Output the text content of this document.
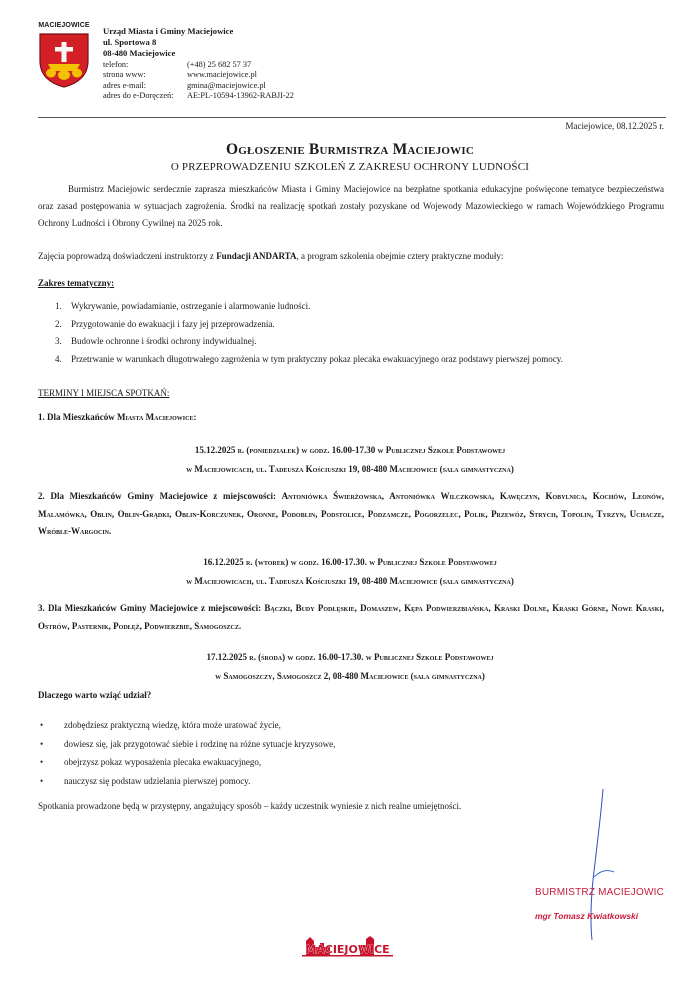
MACIEJOWICE
Urząd Miasta i Gminy Maciejowice
ul. Sportowa 8
08-480 Maciejowice
telefon:	(+48) 25 682 57 37
strona www:	www.maciejowice.pl
adres e-mail:	gmina@maciejowice.pl
adres do e-Doręczeń: AE:PL-10594-13962-RABJI-22
Maciejowice, 08.12.2025 r.
Ogłoszenie Burmistrza Maciejowic
O PRZEPROWADZENIU SZKOLEŃ Z ZAKRESU OCHRONY LUDNOŚCI
Burmistrz Maciejowic serdecznie zaprasza mieszkańców Miasta i Gminy Maciejowice na bezpłatne spotkania edukacyjne poświęcone tematyce bezpieczeństwa oraz zasad postępowania w sytuacjach zagrożenia. Środki na realizację spotkań zostały pozyskane od Wojewody Mazowieckiego w ramach Wojewódzkiego Programu Ochrony Ludności i Obrony Cywilnej na 2025 rok.
Zajęcia poprowadzą doświadczeni instruktorzy z Fundacji ANDARTA, a program szkolenia obejmie cztery praktyczne moduły:
Zakres tematyczny:
1. Wykrywanie, powiadamianie, ostrzeganie i alarmowanie ludności.
2. Przygotowanie do ewakuacji i fazy jej przeprowadzenia.
3. Budowle ochronne i środki ochrony indywidualnej.
4. Przetrwanie w warunkach długotrwałego zagrożenia w tym praktyczny pokaz plecaka ewakuacyjnego oraz podstawy pierwszej pomocy.
TERMINY I MIEJSCA SPOTKAŃ:
1. Dla Mieszkańców Miasta Maciejowice:
15.12.2025 r. (poniedziałek) w godz. 16.00-17.30 w Publicznej Szkole Podstawowej
w Maciejowicach, ul. Tadeusza Kościuszki 19, 08-480 Maciejowice (sala gimnastyczna)
2. Dla Mieszkańców Gminy Maciejowice z miejscowości: Antoniówka Świerżowska, Antoniówka Wilczkowska, Kawęczyn, Kobylnica, Kochów, Leonów, Malamówka, Oblin, Oblin-Grądki, Oblin-Korczunek, Oronne, Podoblin, Podstolice, Podzamcze, Pogorzelec, Polik, Przewóz, Strych, Topolin, Tyrzyn, Uchacze, Wróble-Wargocin.
16.12.2025 r. (wtorek) w godz. 16.00-17.30. w Publicznej Szkole Podstawowej
w Maciejowicach, ul. Tadeusza Kościuszki 19, 08-480 Maciejowice (sala gimnastyczna)
3. Dla Mieszkańców Gminy Maciejowice z miejscowości: Bączki, Budy Podłęskie, Domaszew, Kępa Podwierzbiańska, Kraski Dolne, Kraski Górne, Nowe Kraski, Ostrów, Pasternik, Podłęż, Podwierzbie, Samogoszcz.
17.12.2025 r. (środa) w godz. 16.00-17.30. w Publicznej Szkole Podstawowej
w Samogoszczy, Samogoszcz 2, 08-480 Maciejowice (sala gimnastyczna)
Dlaczego warto wziąć udział?
• zdobędziesz praktyczną wiedzę, która może uratować życie,
• dowiesz się, jak przygotować siebie i rodzinę na różne sytuacje kryzysowe,
• obejrzysz pokaz wyposażenia plecaka ewakuacyjnego,
• nauczysz się podstaw udzielania pierwszej pomocy.
Spotkania prowadzone będą w przystępny, angażujący sposób – każdy uczestnik wyniesie z nich realne umiejętności.
BURMISTRZ MACIEJOWIC
mgr Tomasz Kwiatkowski
MACIEJOWICE
